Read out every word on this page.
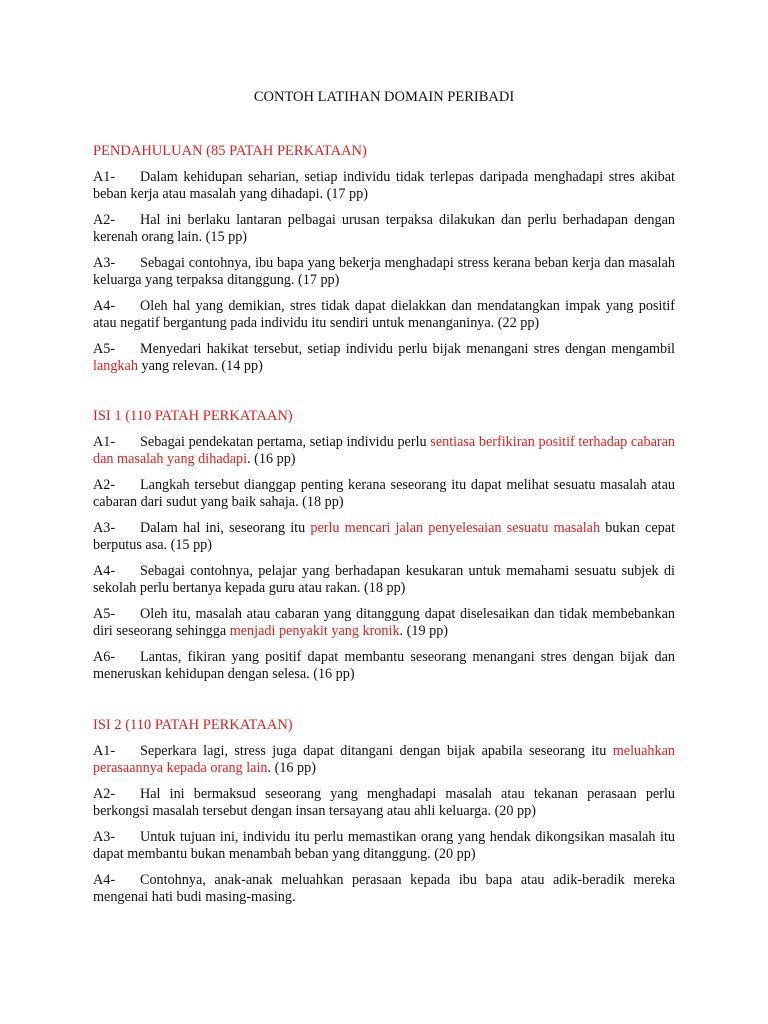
CONTOH LATIHAN DOMAIN PERIBADI
PENDAHULUAN (85 PATAH PERKATAAN)
A1- Dalam kehidupan seharian, setiap individu tidak terlepas daripada menghadapi stres akibat beban kerja atau masalah yang dihadapi. (17 pp)
A2- Hal ini berlaku lantaran pelbagai urusan terpaksa dilakukan dan perlu berhadapan dengan kerenah orang lain. (15 pp)
A3- Sebagai contohnya, ibu bapa yang bekerja menghadapi stress kerana beban kerja dan masalah keluarga yang terpaksa ditanggung. (17 pp)
A4- Oleh hal yang demikian, stres tidak dapat dielakkan dan mendatangkan impak yang positif atau negatif bergantung pada individu itu sendiri untuk menanganinya. (22 pp)
A5- Menyedari hakikat tersebut, setiap individu perlu bijak menangani stres dengan mengambil langkah yang relevan. (14 pp)
ISI 1 (110 PATAH PERKATAAN)
A1- Sebagai pendekatan pertama, setiap individu perlu sentiasa berfikiran positif terhadap cabaran dan masalah yang dihadapi. (16 pp)
A2- Langkah tersebut dianggap penting kerana seseorang itu dapat melihat sesuatu masalah atau cabaran dari sudut yang baik sahaja. (18 pp)
A3- Dalam hal ini, seseorang itu perlu mencari jalan penyelesaian sesuatu masalah bukan cepat berputus asa. (15 pp)
A4- Sebagai contohnya, pelajar yang berhadapan kesukaran untuk memahami sesuatu subjek di sekolah perlu bertanya kepada guru atau rakan. (18 pp)
A5- Oleh itu, masalah atau cabaran yang ditanggung dapat diselesaikan dan tidak membebankan diri seseorang sehingga menjadi penyakit yang kronik. (19 pp)
A6- Lantas, fikiran yang positif dapat membantu seseorang menangani stres dengan bijak dan meneruskan kehidupan dengan selesa. (16 pp)
ISI 2 (110 PATAH PERKATAAN)
A1- Seperkara lagi, stress juga dapat ditangani dengan bijak apabila seseorang itu meluahkan perasaannya kepada orang lain. (16 pp)
A2- Hal ini bermaksud seseorang yang menghadapi masalah atau tekanan perasaan perlu berkongsi masalah tersebut dengan insan tersayang atau ahli keluarga. (20 pp)
A3- Untuk tujuan ini, individu itu perlu memastikan orang yang hendak dikongsikan masalah itu dapat membantu bukan menambah beban yang ditanggung. (20 pp)
A4- Contohnya, anak-anak meluahkan perasaan kepada ibu bapa atau adik-beradik mereka mengenai hati budi masing-masing.
